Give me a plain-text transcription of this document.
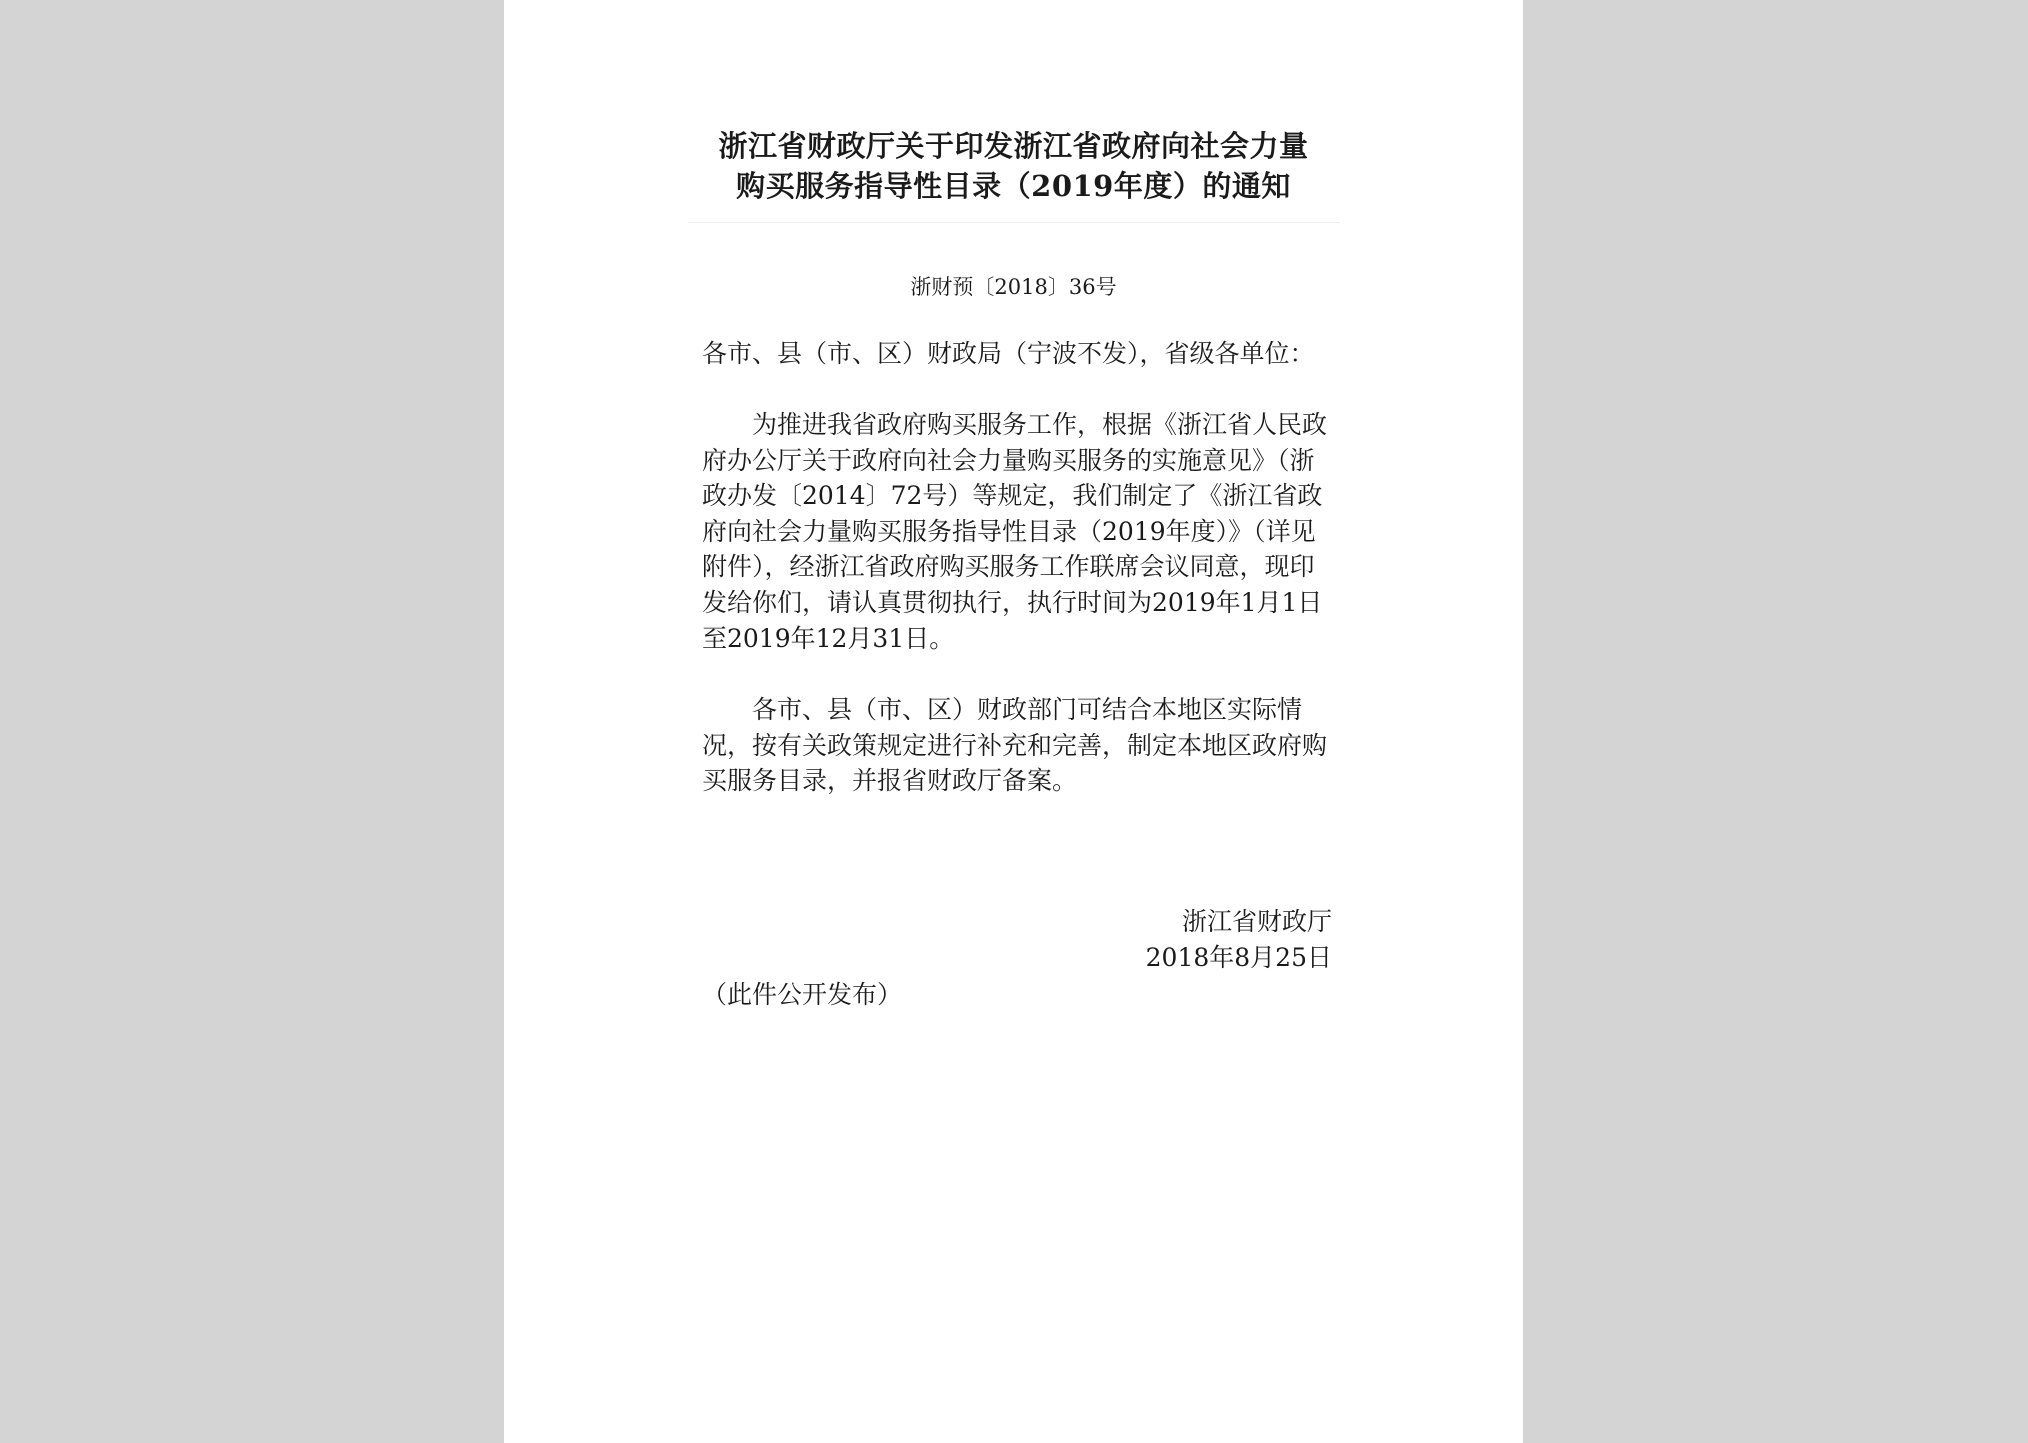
浙江省财政厅关于印发浙江省政府向社会力量
购买服务指导性目录（2019年度）的通知
浙财预〔2018〕36号

各市、县（市、区）财政局（宁波不发），省级各单位：

为推进我省政府购买服务工作，根据《浙江省人民政府办公厅关于政府向社会力量购买服务的实施意见》（浙政办发〔2014〕72号）等规定，我们制定了《浙江省政府向社会力量购买服务指导性目录（2019年度）》（详见附件），经浙江省政府购买服务工作联席会议同意，现印发给你们，请认真贯彻执行，执行时间为2019年1月1日至2019年12月31日。

各市、县（市、区）财政部门可结合本地区实际情况，按有关政策规定进行补充和完善，制定本地区政府购买服务目录，并报省财政厅备案。

浙江省财政厅
2018年8月25日
（此件公开发布）
